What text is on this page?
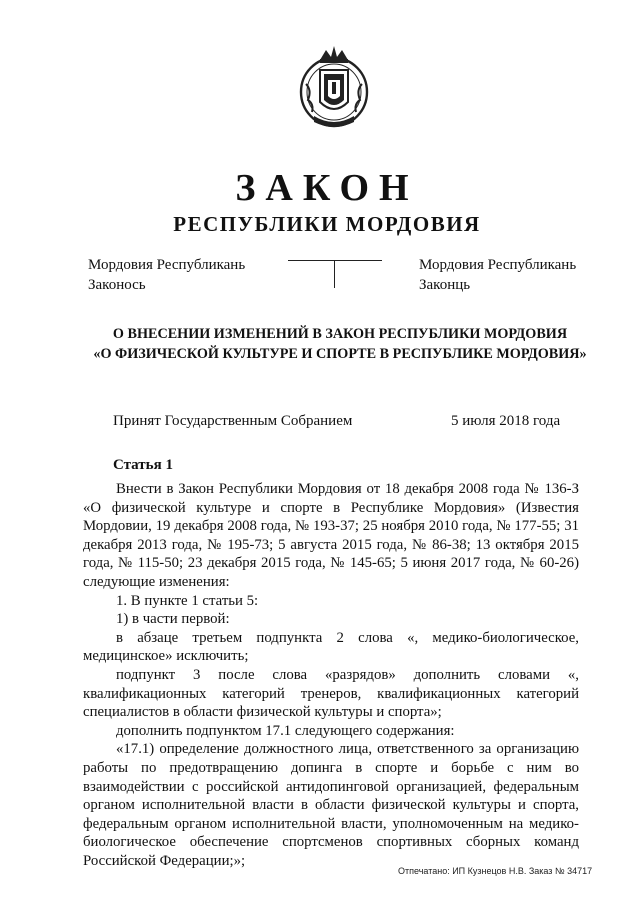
ЗАКОН
РЕСПУБЛИКИ МОРДОВИЯ
Мордовия Республикань
Законось
Мордовия Республикань
Законць
О ВНЕСЕНИИ ИЗМЕНЕНИЙ В ЗАКОН РЕСПУБЛИКИ МОРДОВИЯ
«О ФИЗИЧЕСКОЙ КУЛЬТУРЕ И СПОРТЕ В РЕСПУБЛИКЕ МОРДОВИЯ»
Принят Государственным Собранием	5 июля 2018 года
Статья 1

Внести в Закон Республики Мордовия от 18 декабря 2008 года № 136-З «О физической культуре и спорте в Республике Мордовия» (Известия Мордовии, 19 декабря 2008 года, № 193-37; 25 ноября 2010 года, № 177-55; 31 декабря 2013 года, № 195-73; 5 августа 2015 года, № 86-38; 13 октября 2015 года, № 115-50; 23 декабря 2015 года, № 145-65; 5 июня 2017 года, № 60-26) следующие изменения:

1. В пункте 1 статьи 5:

1) в части первой:

в абзаце третьем подпункта 2 слова «, медико-биологическое, медицинское» исключить;

подпункт 3 после слова «разрядов» дополнить словами «, квалификационных категорий тренеров, квалификационных категорий специалистов в области физической культуры и спорта»;

дополнить подпунктом 17.1 следующего содержания:

«17.1) определение должностного лица, ответственного за организацию работы по предотвращению допинга в спорте и борьбе с ним во взаимодействии с российской антидопинговой организацией, федеральным органом исполнительной власти в области физической культуры и спорта, федеральным органом исполнительной власти, уполномоченным на медико-биологическое обеспечение спортсменов спортивных сборных команд Российской Федерации;»;

Отпечатано: ИП Кузнецов Н.В. Заказ № 34717
